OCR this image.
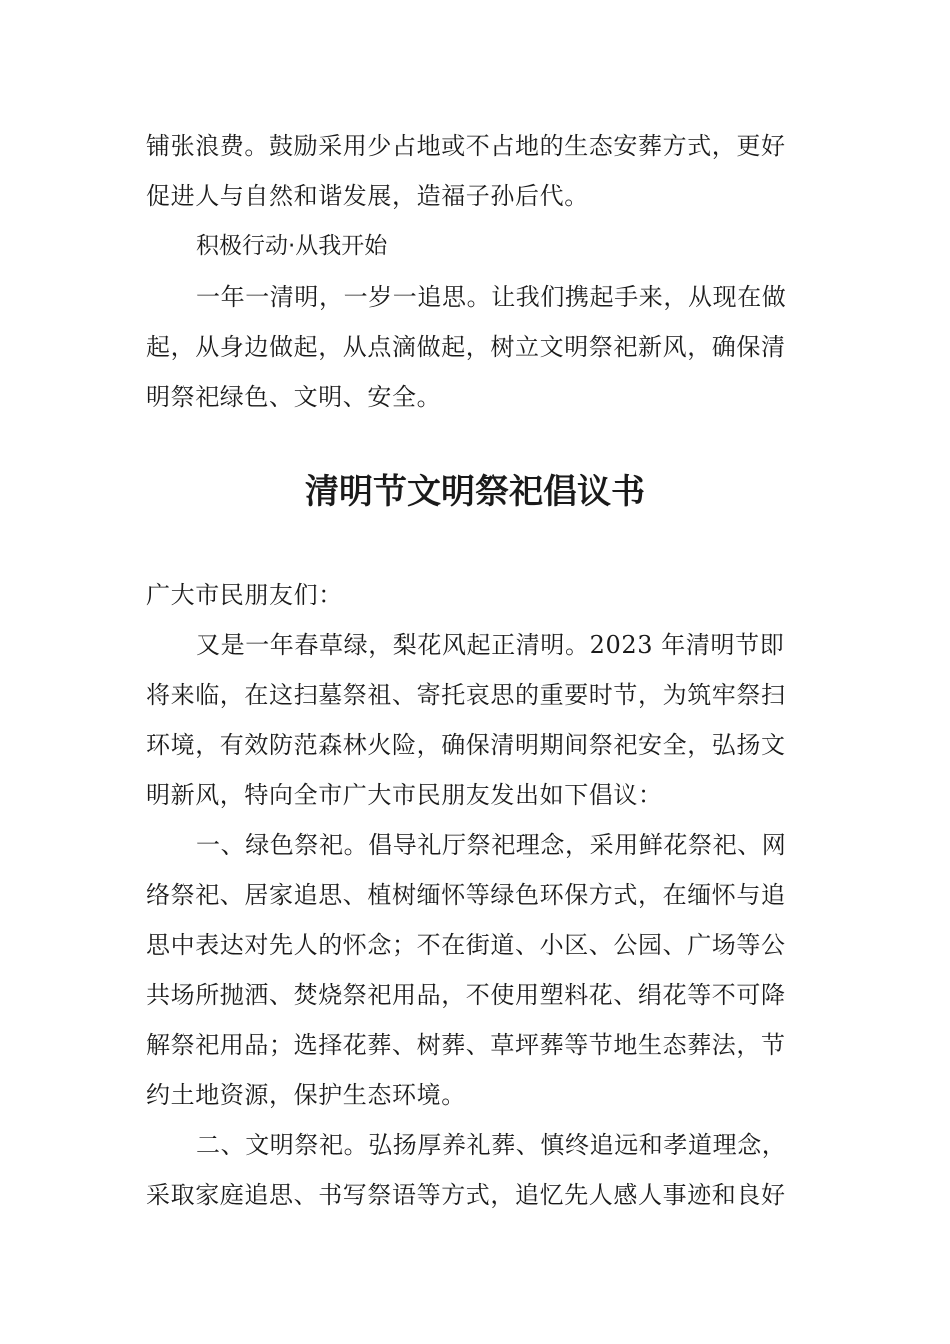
铺张浪费。鼓励采用少占地或不占地的生态安葬方式，更好
促进人与自然和谐发展，造福子孙后代。
积极行动·从我开始
一年一清明，一岁一追思。让我们携起手来，从现在做
起，从身边做起，从点滴做起，树立文明祭祀新风，确保清
明祭祀绿色、文明、安全。
清明节文明祭祀倡议书
广大市民朋友们：
又是一年春草绿，梨花风起正清明。2023 年清明节即
将来临，在这扫墓祭祖、寄托哀思的重要时节，为筑牢祭扫
环境，有效防范森林火险，确保清明期间祭祀安全，弘扬文
明新风，特向全市广大市民朋友发出如下倡议：
一、绿色祭祀。倡导礼厅祭祀理念，采用鲜花祭祀、网
络祭祀、居家追思、植树缅怀等绿色环保方式，在缅怀与追
思中表达对先人的怀念；不在街道、小区、公园、广场等公
共场所抛洒、焚烧祭祀用品，不使用塑料花、绢花等不可降
解祭祀用品；选择花葬、树葬、草坪葬等节地生态葬法，节
约土地资源，保护生态环境。
二、文明祭祀。弘扬厚养礼葬、慎终追远和孝道理念，
采取家庭追思、书写祭语等方式，追忆先人感人事迹和良好
